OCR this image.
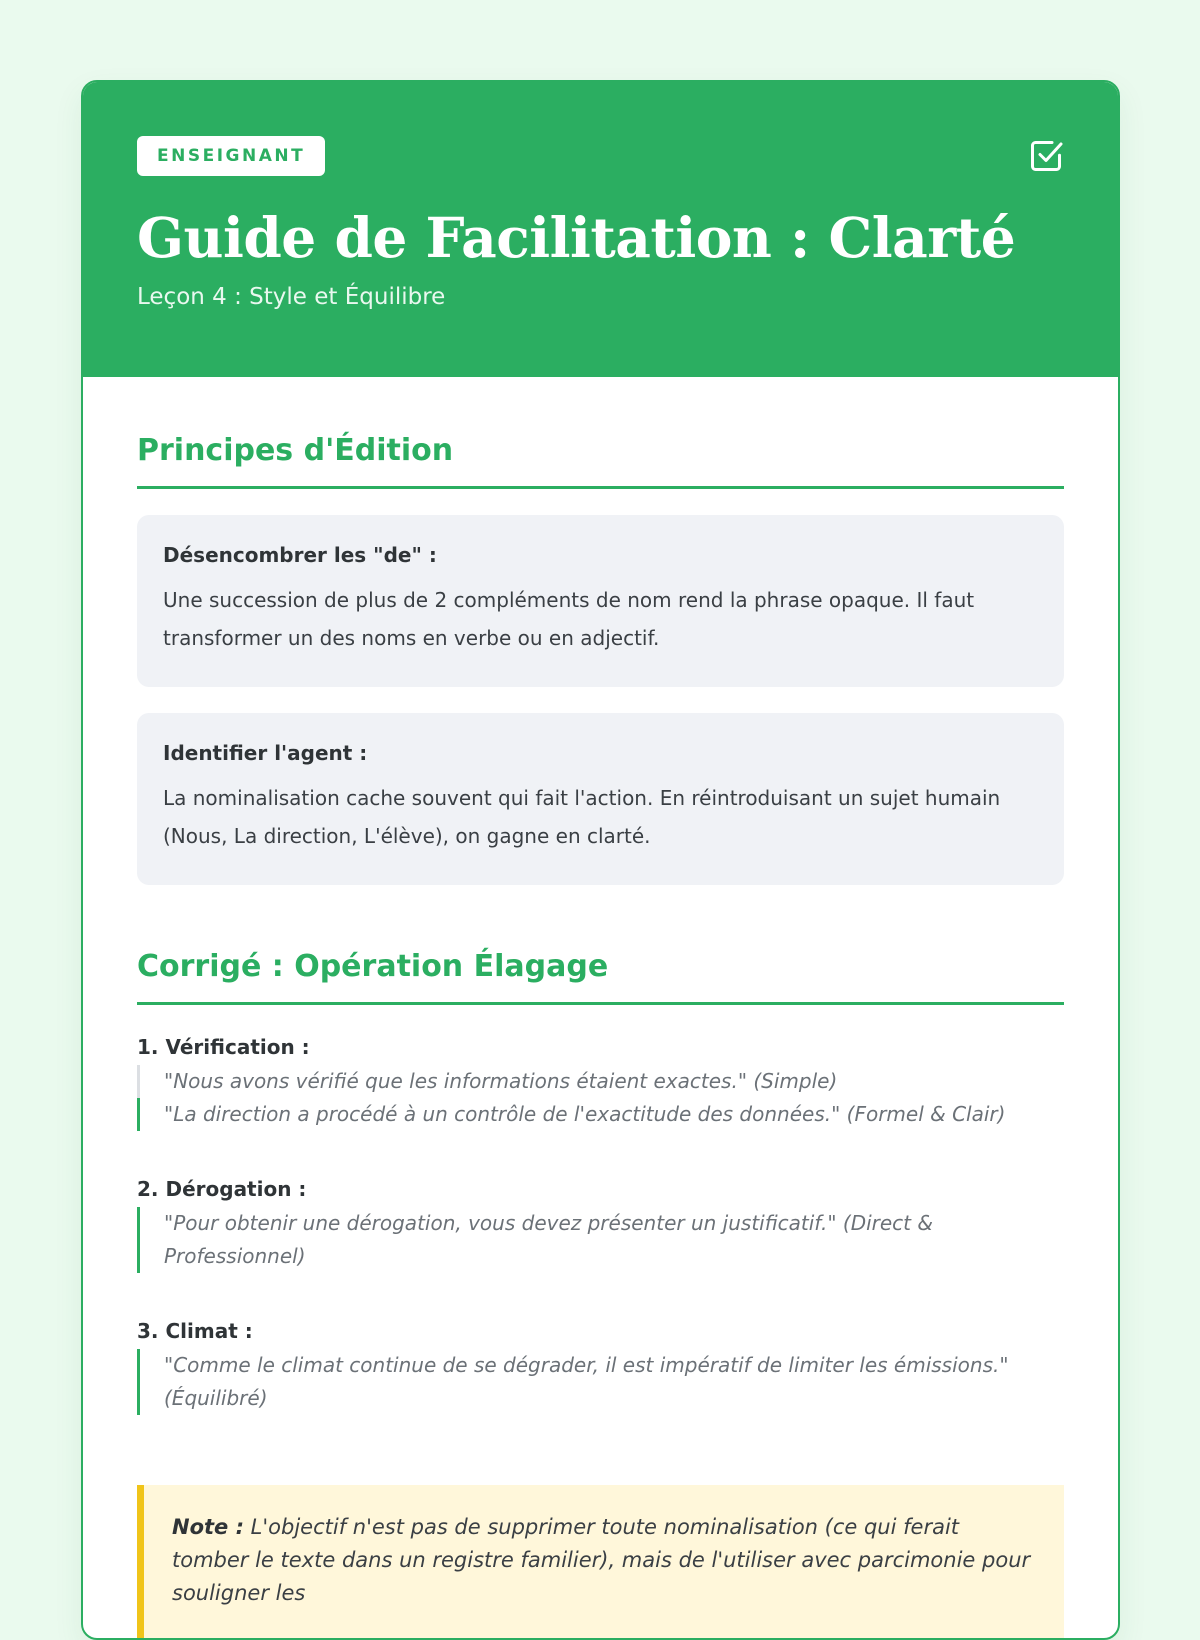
ENSEIGNANT
Guide de Facilitation : Clarté
Leçon 4 : Style et Équilibre
Principes d'Édition
Désencombrer les "de" :
Une succession de plus de 2 compléments de nom rend la phrase opaque. Il faut transformer un des noms en verbe ou en adjectif.
Identifier l'agent :
La nominalisation cache souvent qui fait l'action. En réintroduisant un sujet humain (Nous, La direction, L'élève), on gagne en clarté.
Corrigé : Opération Élagage
1. Vérification :
"Nous avons vérifié que les informations étaient exactes." (Simple)
"La direction a procédé à un contrôle de l'exactitude des données." (Formel & Clair)
2. Dérogation :
"Pour obtenir une dérogation, vous devez présenter un justificatif." (Direct & Professionnel)
3. Climat :
"Comme le climat continue de se dégrader, il est impératif de limiter les émissions." (Équilibré)
Note : L'objectif n'est pas de supprimer toute nominalisation (ce qui ferait tomber le texte dans un registre familier), mais de l'utiliser avec parcimonie pour souligner les
